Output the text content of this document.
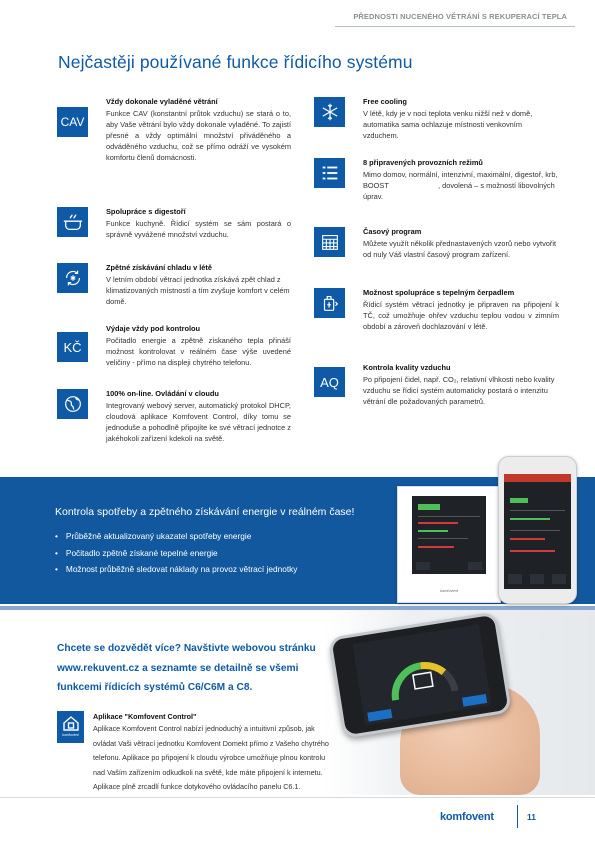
PŘEDNOSTI NUCENÉHO VĚTRÁNÍ S REKUPERACÍ TEPLA
Nejčastěji používané funkce řídicího systému
CAV
Vždy dokonale vyladěné větrání
Funkce CAV (konstantní průtok vzduchu) se stará o to, aby Vaše větrání bylo vždy dokonale vyladěné. To zajistí přesné a vždy optimální množství přiváděného a odváděného vzduchu, což se přímo odráží ve vysokém komfortu členů domácnosti.
Spolupráce s digestoří
Funkce kuchyně. Řídicí systém se sám postará o správně vyvážené množství vzduchu.
Zpětné získávání chladu v létě
V letním období větrací jednotka získává zpět chlad z klimatizovaných místností a tím zvyšuje komfort v celém domě.
KČ
Výdaje vždy pod kontrolou
Počitadlo energie a zpětně získaného tepla přináší možnost kontrolovat v reálném čase výše uvedené veličiny - přímo na displeji chytrého telefonu.
100% on-line. Ovládání v cloudu
Integrovaný webový server, automatický protokol DHCP, cloudová aplikace Komfovent Control, díky tomu se jednoduše a pohodlně připojíte ke své větrací jednotce z jakéhokoli zařízení kdekoli na světě.
Free cooling
V létě, kdy je v noci teplota venku nižší než v domě, automatika sama ochlazuje místnosti venkovním vzduchem.
8 připravených provozních režimů
Mimo domov, normální, intenzivní, maximální, digestoř, krb, BOOST                        , dovolená – s možností libovolných úprav.
Časový program
Můžete využít několik přednastavených vzorů nebo vytvořit od nuly Váš vlastní časový program zařízení.
Možnost spolupráce s tepelným čerpadlem
Řídicí systém větrací jednotky je připraven na připojení k TČ, což umožňuje ohřev vzduchu teplou vodou v zimním období a zároveň dochlazování v létě.
AQ
Kontrola kvality vzduchu
Po připojení čidel, např. CO₂, relativní vlhkosti nebo kvality vzduchu se řídicí systém automaticky postará o intenzitu větrání dle požadovaných parametrů.
Kontrola spotřeby a zpětného získávání energie v reálném čase!
• Průběžně aktualizovaný ukazatel spotřeby energie
• Počitadlo zpětně získané tepelné energie
• Možnost průběžně sledovat náklady na provoz větrací jednotky
komfovent
Chcete se dozvědět více? Navštivte webovou stránku
www.rekuvent.cz a seznamte se detailně se všemi
funkcemi řídicích systémů C6/C6M a C8.
komfovent
Aplikace "Komfovent Control"
Aplikace Komfovent Control nabízí jednoduchý a intuitivní způsob, jak
ovládat Vaši větrací jednotku Komfovent Domekt přímo z Vašeho chytrého
telefonu. Aplikace po připojení k cloudu výrobce umožňuje plnou kontrolu
nad Vaším zařízením odkudkoli na světě, kde máte připojení k internetu.
Aplikace plně zrcadlí funkce dotykového ovládacího panelu C6.1.
komfovent	11
